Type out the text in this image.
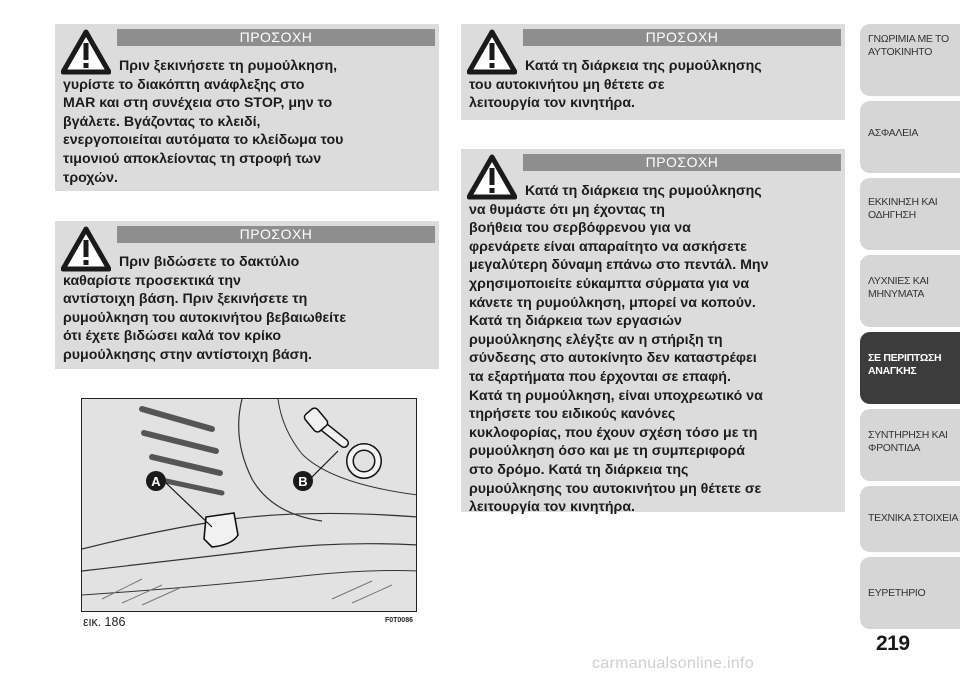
ΠΡΟΣΟΧΗ
Πριν ξεκινήσετε τη ρυμούλκηση,
γυρίστε το διακόπτη ανάφλεξης στο
MAR και στη συνέχεια στο STOP, μην το
βγάλετε. Βγάζοντας το κλειδί,
ενεργοποιείται αυτόματα το κλείδωμα του
τιμονιού αποκλείοντας τη στροφή των
τροχών.
ΠΡΟΣΟΧΗ
Πριν βιδώσετε το δακτύλιο
καθαρίστε προσεκτικά την
αντίστοιχη βάση. Πριν ξεκινήσετε τη
ρυμούλκηση του αυτοκινήτου βεβαιωθείτε
ότι έχετε βιδώσει καλά τον κρίκο
ρυμούλκησης στην αντίστοιχη βάση.
ΠΡΟΣΟΧΗ
Κατά τη διάρκεια της ρυμούλκησης
του αυτοκινήτου μη θέτετε σε
λειτουργία τον κινητήρα.
ΠΡΟΣΟΧΗ
Κατά τη διάρκεια της ρυμούλκησης
να θυμάστε ότι μη έχοντας τη
βοήθεια του σερβόφρενου για να
φρενάρετε είναι απαραίτητο να ασκήσετε
μεγαλύτερη δύναμη επάνω στο πεντάλ. Μην
χρησιμοποιείτε εύκαμπτα σύρματα για να
κάνετε τη ρυμούλκηση, μπορεί να κοπούν.
Κατά τη διάρκεια των εργασιών
ρυμούλκησης ελέγξτε αν η στήριξη τη
σύνδεσης στο αυτοκίνητο δεν καταστρέφει
τα εξαρτήματα που έρχονται σε επαφή.
Κατά τη ρυμούλκηση, είναι υποχρεωτικό να
τηρήσετε του ειδικούς κανόνες
κυκλοφορίας, που έχουν σχέση τόσο με τη
ρυμούλκηση όσο και με τη συμπεριφορά
στο δρόμο. Κατά τη διάρκεια της
ρυμούλκησης του αυτοκινήτου μη θέτετε σε
λειτουργία τον κινητήρα.
A	B
εικ. 186	F0T0086
ΓΝΩΡΙΜΙΑ ΜΕ ΤΟ
ΑΥΤΟΚΙΝΗΤΟ
ΑΣΦΑΛΕΙΑ
ΕΚΚΙΝΗΣΗ ΚΑΙ
ΟΔΗΓΗΣΗ
ΛΥΧΝΙΕΣ ΚΑΙ
ΜΗΝΥΜΑΤΑ
ΣΕ ΠΕΡΙΠΤΩΣΗ
ΑΝΑΓΚΗΣ
ΣΥΝΤΗΡΗΣΗ ΚΑΙ
ΦΡΟΝΤΙΔΑ
ΤΕΧΝΙΚΑ ΣΤΟΙΧΕΙΑ
ΕΥΡΕΤΗΡΙΟ
219
carmanualsonline.info
